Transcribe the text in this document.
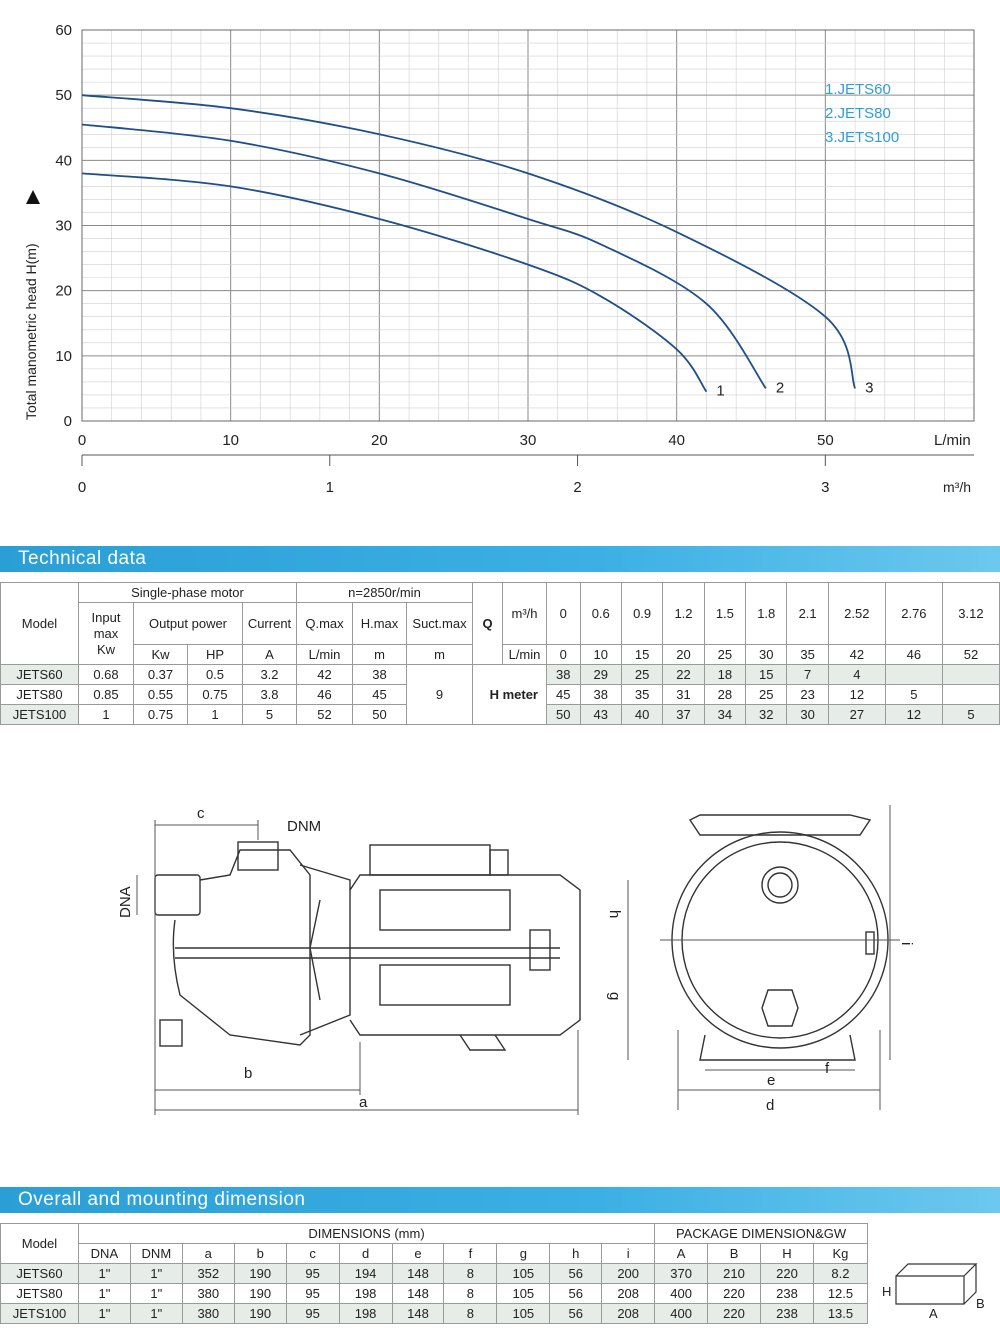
0
10
20
30
40
50
60
0	10	20	30	40	50
0	1	2	3
1	2	3
Total manometric head H(m)
L/min
m³/h
1.JETS60
2.JETS80
3.JETS100
Technical data
Model	Single-phase motor				n=2850r/min			Q	m³/h	0	0.6	0.9	1.2	1.5	1.8	2.1	2.52	2.76	3.12
	Input
max
Kw	Output power		Current	Q.max	H.max	Suct.max												
		Kw	HP	A	L/min	m	m		L/min	0	10	15	20	25	30	35	42	46	52
JETS60	0.68	0.37	0.5	3.2	42	38	9	H meter		38	29	25	22	18	15	7	4		
JETS80	0.85	0.55	0.75	3.8	46	45				45	38	35	31	28	25	23	12	5	
JETS100	1	0.75	1	5	52	50				50	43	40	37	34	32	30	27	12	5
c
DNM
DNA
b
a
h
g
i
e
f
d
Overall and mounting dimension
Model	DIMENSIONS (mm)											PACKAGE DIMENSION&GW			
	DNA	DNM	a	b	c	d	e	f	g	h	i	A	B	H	Kg
JETS60	1"	1"	352	190	95	194	148	8	105	56	200	370	210	220	8.2
JETS80	1"	1"	380	190	95	198	148	8	105	56	208	400	220	238	12.5
JETS100	1"	1"	380	190	95	198	148	8	105	56	208	400	220	238	13.5
H
A
B
